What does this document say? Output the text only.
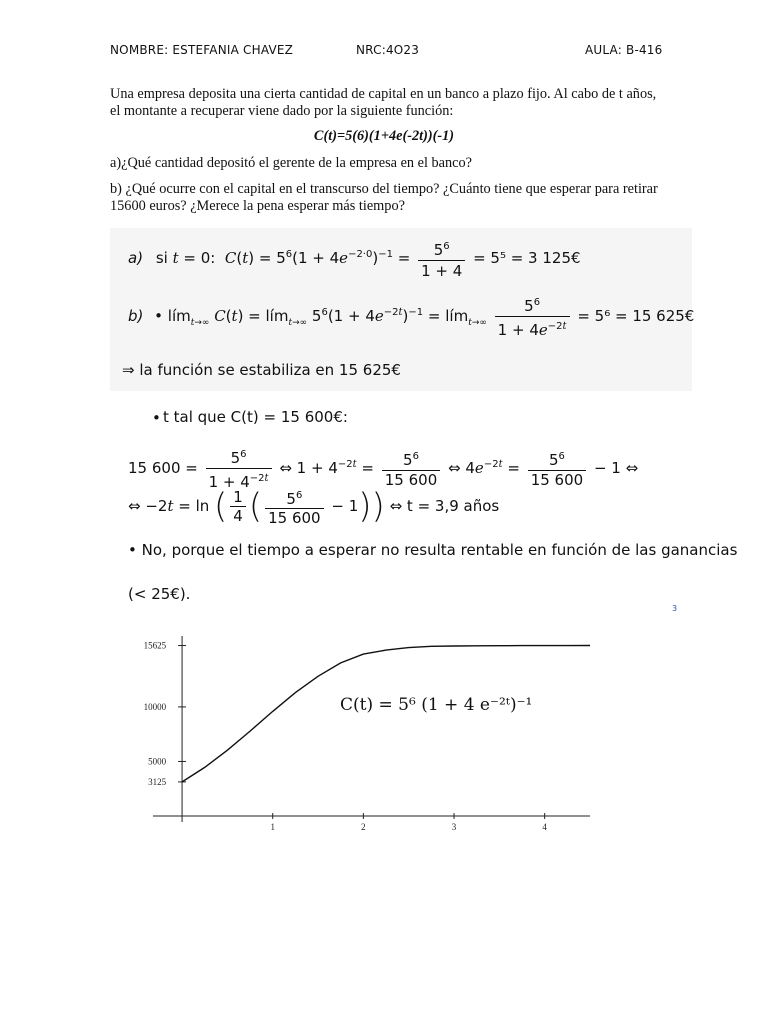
NOMBRE: ESTEFANIA CHAVEZ	NRC:4O23	AULA: B-416
Una empresa deposita una cierta cantidad de capital en un banco a plazo fijo. Al cabo de t años,
el montante a recuperar viene dado por la siguiente función:
C(t)=5(6)(1+4e(-2t))(-1)
a)¿Qué cantidad depositó el gerente de la empresa en el banco?
b) ¿Qué ocurre con el capital en el transcurso del tiempo? ¿Cuánto tiene que esperar para retirar
15600 euros? ¿Merece la pena esperar más tiempo?
a) si t = 0:  $C(t) = 5^6(1 + 4e^{-2\cdot 0})^{-1} = \frac{5^6}{1 + 4} = 5^5 = 3$ 125€
b) • lím$_{t\to\infty}$ C(t) = lím$_{t\to\infty}$ $5^6(1 + 4e^{-2t})^{-1}$ = lím$_{t\to\infty}$ $\frac{5^6}{1 + 4e^{-2t}} = 5^6 = 15$ 625€
⇒ la función se estabiliza en 15 625€
• t tal que C(t) = 15 600€:
15 $600 = \frac{5^6}{1 + 4^{-2t}}$ ⇔ $1 + 4^{-2t} = \frac{5^6}{15 600}$ ⇔ $4e^{-2t} = \frac{5^6}{15 600} - 1$ ⇔
⇔ −2t = ln ( $\frac{1}{4}$ ( $\frac{5^6}{15 600} - 1$)) ⇔ t = 3,9 años
• No, porque el tiempo a esperar no resulta rentable en función de las ganancias
(< 25€).
3
1	2	3	4
3125
5000
10000
15625
C(t) = 5⁶ (1 + 4 e⁻²ᵗ)⁻¹
